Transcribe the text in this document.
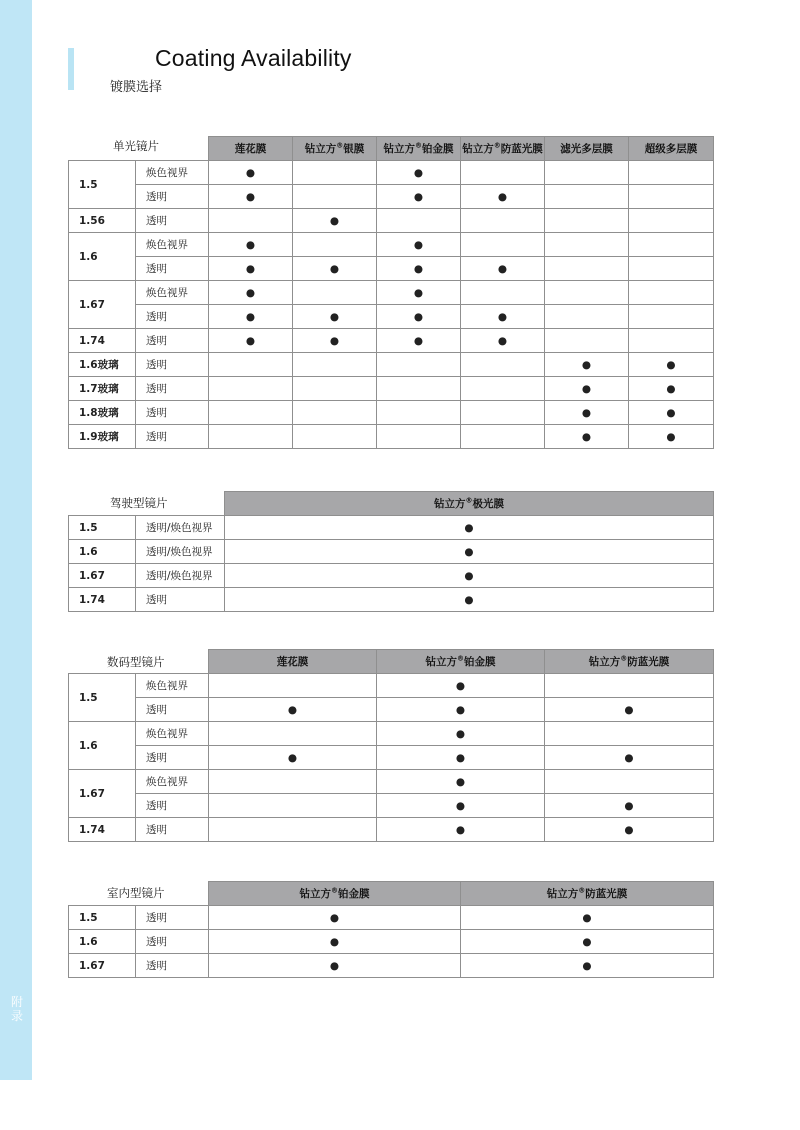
附录
Coating Availability
镀膜选择
单光镜片
			莲花膜	钻立方®银膜	钻立方®铂金膜	钻立方®防蓝光膜	滤光多层膜	超级多层膜
1.5	焕色视界	●		●			
	透明	●		●	●		
1.56	透明		●				
1.6	焕色视界	●		●			
	透明	●	●	●	●		
1.67	焕色视界	●		●			
	透明	●	●	●	●		
1.74	透明	●	●	●	●		
1.6玻璃	透明					●	●
1.7玻璃	透明					●	●
1.8玻璃	透明					●	●
1.9玻璃	透明					●	●
驾驶型镜片
			钻立方®极光膜
1.5	透明/焕色视界	●
1.6	透明/焕色视界	●
1.67	透明/焕色视界	●
1.74	透明	●
数码型镜片
			莲花膜	钻立方®铂金膜	钻立方®防蓝光膜
1.5	焕色视界		●	
	透明	●	●	●
1.6	焕色视界		●	
	透明	●	●	●
1.67	焕色视界		●	
	透明		●	●
1.74	透明		●	●
室内型镜片
			钻立方®铂金膜	钻立方®防蓝光膜
1.5	透明	●	●
1.6	透明	●	●
1.67	透明	●	●
